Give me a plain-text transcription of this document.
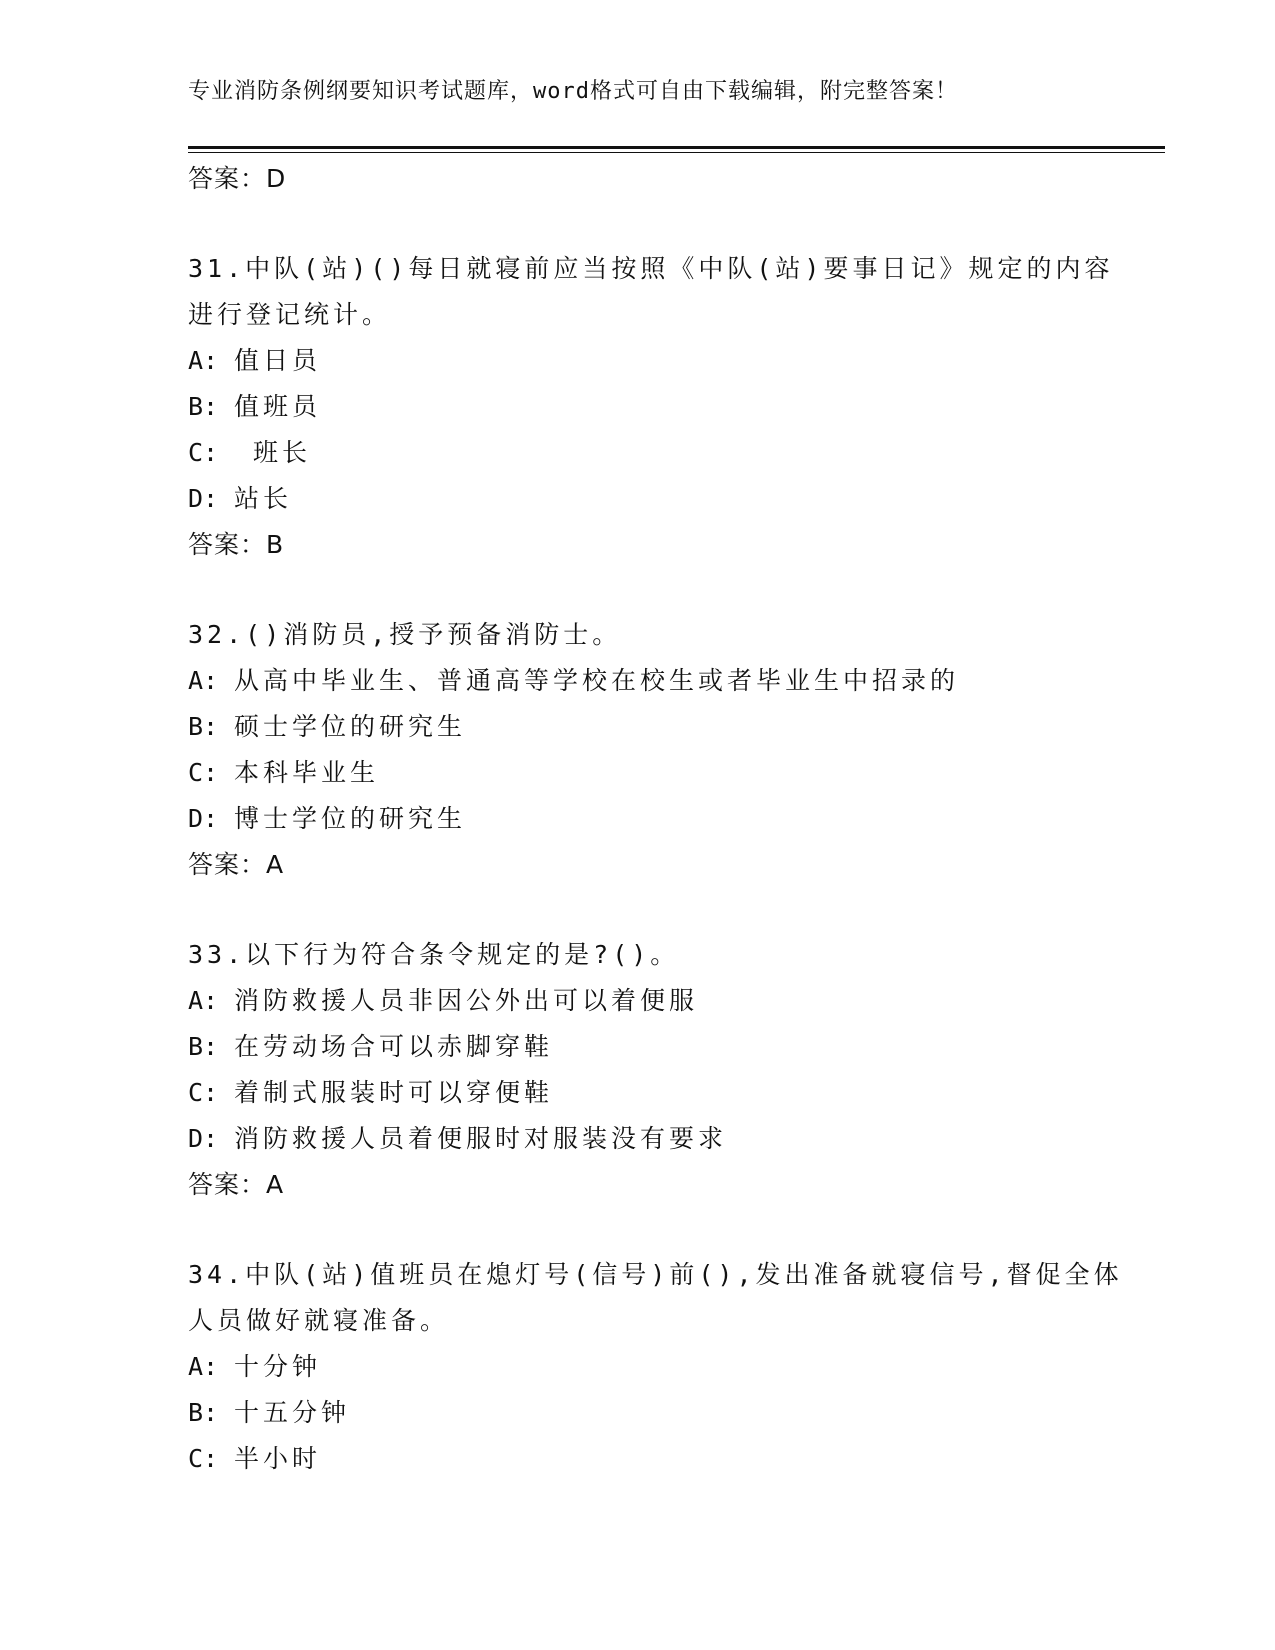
专业消防条例纲要知识考试题库，word格式可自由下载编辑，附完整答案！
答案：D
31.中队(站)()每日就寝前应当按照《中队(站)要事日记》规定的内容
进行登记统计。
A: 值日员
B: 值班员
C: 班长
D: 站长
答案：B
32.()消防员,授予预备消防士。
A: 从高中毕业生、普通高等学校在校生或者毕业生中招录的
B: 硕士学位的研究生
C: 本科毕业生
D: 博士学位的研究生
答案：A
33.以下行为符合条令规定的是?()。
A: 消防救援人员非因公外出可以着便服
B: 在劳动场合可以赤脚穿鞋
C: 着制式服装时可以穿便鞋
D: 消防救援人员着便服时对服装没有要求
答案：A
34.中队(站)值班员在熄灯号(信号)前(),发出准备就寝信号,督促全体
人员做好就寝准备。
A: 十分钟
B: 十五分钟
C: 半小时
